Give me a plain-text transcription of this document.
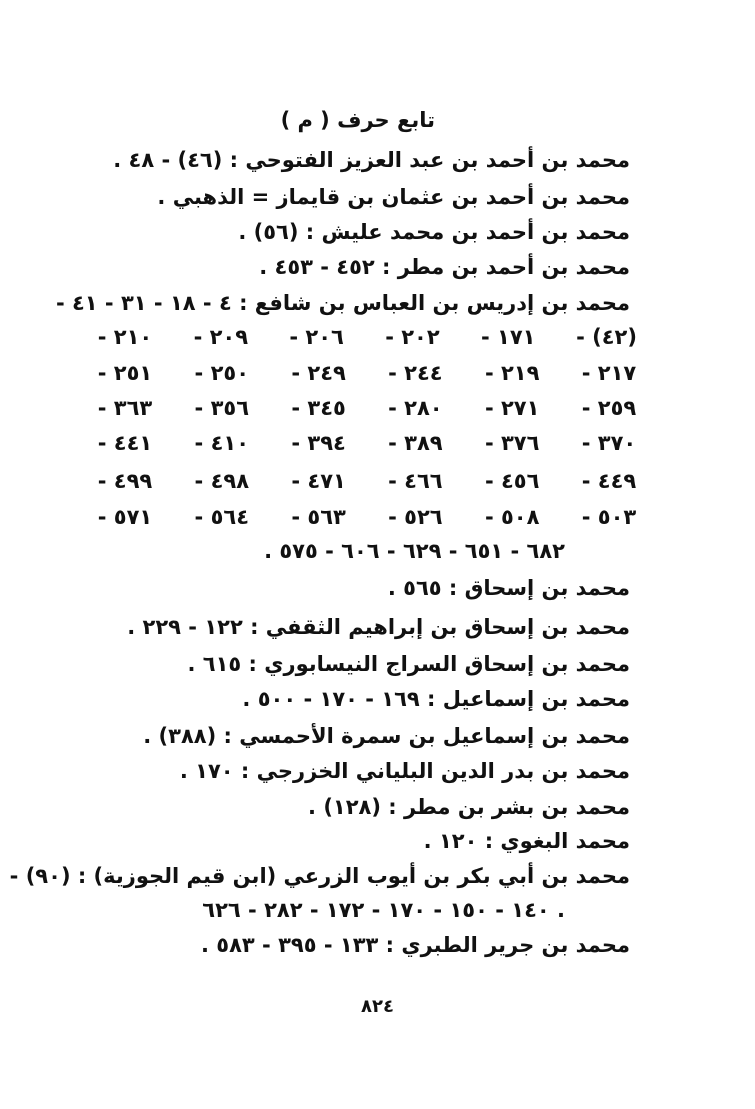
تابع حرف ( م )
محمد بن أحمد بن عبد العزيز الفتوحي : (٤٦) - ٤٨ .
محمد بن أحمد بن عثمان بن قايماز = الذهبي .
محمد بن أحمد بن محمد عليش : (٥٦) .
محمد بن أحمد بن مطر : ٤٥٢ - ٤٥٣ .
محمد بن إدريس بن العباس بن شافع : ٤ - ١٨ - ٣١ - ٤١ -
- ٢١٠ - ٢٠٩ - ٢٠٦ - ٢٠٢ - ١٧١ - (٤٢)
- ٢٥١ - ٢٥٠ - ٢٤٩ - ٢٤٤ - ٢١٩ - ٢١٧
- ٣٦٣ - ٣٥٦ - ٣٤٥ - ٢٨٠ - ٢٧١ - ٢٥٩
- ٤٤١ - ٤١٠ - ٣٩٤ - ٣٨٩ - ٣٧٦ - ٣٧٠
- ٤٩٩ - ٤٩٨ - ٤٧١ - ٤٦٦ - ٤٥٦ - ٤٤٩
- ٥٧١ - ٥٦٤ - ٥٦٣ - ٥٢٦ - ٥٠٨ - ٥٠٣
. ٦٨٢ - ٦٥١ - ٦٢٩ - ٦٠٦ - ٥٧٥
محمد بن إسحاق : ٥٦٥ .
محمد بن إسحاق بن إبراهيم الثقفي : ١٢٢ - ٢٢٩ .
محمد بن إسحاق السراج النيسابوري : ٦١٥ .
محمد بن إسماعيل : ١٦٩ - ١٧٠ - ٥٠٠ .
محمد بن إسماعيل بن سمرة الأحمسي : (٣٨٨) .
محمد بن بدر الدين البلياني الخزرجي : ١٧٠ .
محمد بن بشر بن مطر : (١٢٨) .
محمد البغوي : ١٢٠ .
محمد بن أبي بكر بن أيوب الزرعي (ابن قيم الجوزية) : (٩٠) -
١٤٠ - ١٥٠ - ١٧٠ - ١٧٢ - ٢٨٢ - ٦٢٦ .
محمد بن جرير الطبري : ١٣٣ - ٣٩٥ - ٥٨٣ .
٨٢٤
